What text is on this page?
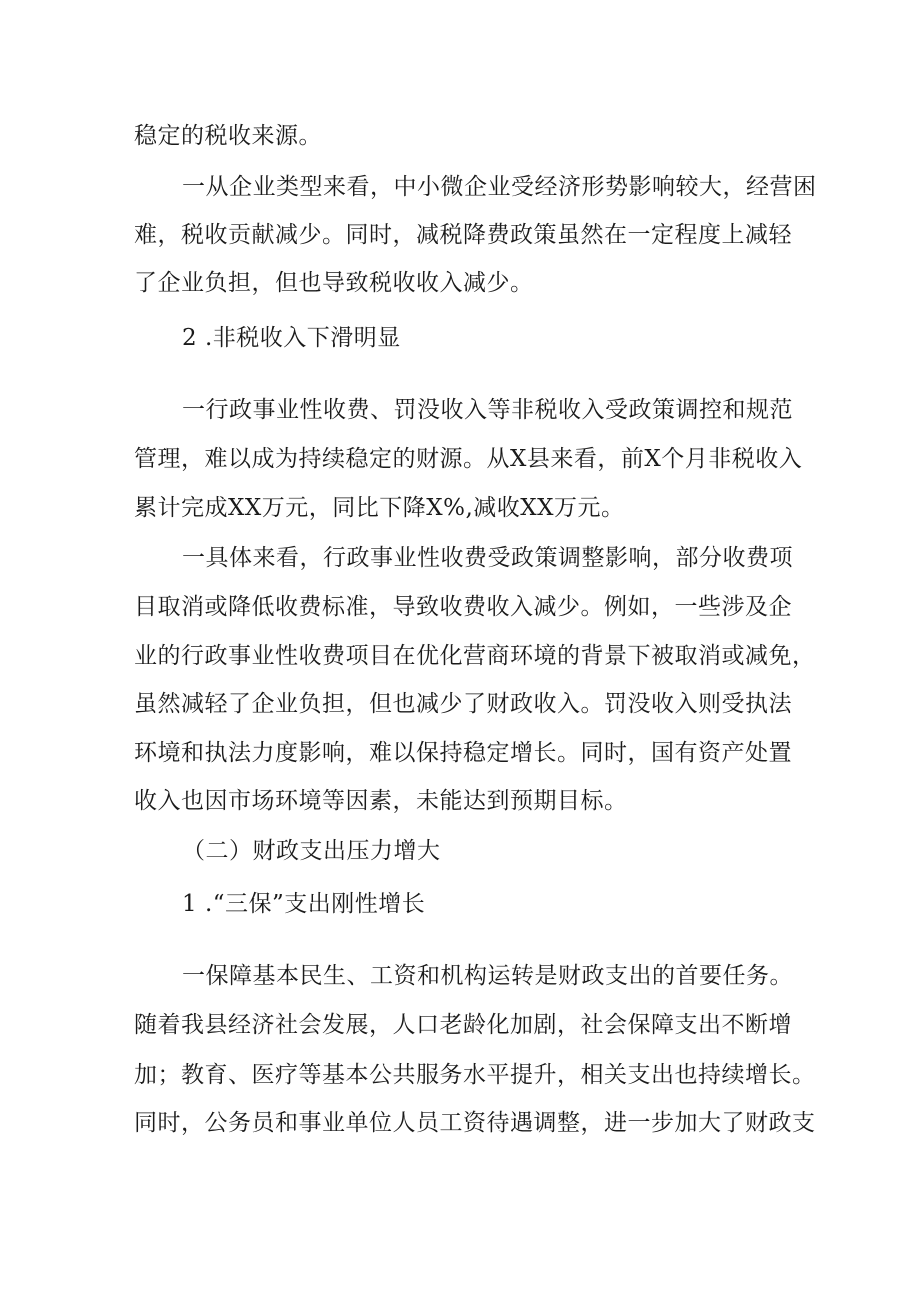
稳定的税收来源。
一从企业类型来看，中小微企业受经济形势影响较大，经营困
难，税收贡献减少。同时，减税降费政策虽然在一定程度上减轻
了企业负担，但也导致税收收入减少。
2 .非税收入下滑明显
一行政事业性收费、罚没收入等非税收入受政策调控和规范
管理，难以成为持续稳定的财源。从X县来看，前X个月非税收入
累计完成XX万元，同比下降X%,减收XX万元。
一具体来看，行政事业性收费受政策调整影响，部分收费项
目取消或降低收费标准，导致收费收入减少。例如，一些涉及企
业的行政事业性收费项目在优化营商环境的背景下被取消或减免，
虽然减轻了企业负担，但也减少了财政收入。罚没收入则受执法
环境和执法力度影响，难以保持稳定增长。同时，国有资产处置
收入也因市场环境等因素，未能达到预期目标。
（二）财政支出压力增大
1 .“三保”支出刚性增长
一保障基本民生、工资和机构运转是财政支出的首要任务。
随着我县经济社会发展，人口老龄化加剧，社会保障支出不断增
加；教育、医疗等基本公共服务水平提升，相关支出也持续增长。
同时，公务员和事业单位人员工资待遇调整，进一步加大了财政支
